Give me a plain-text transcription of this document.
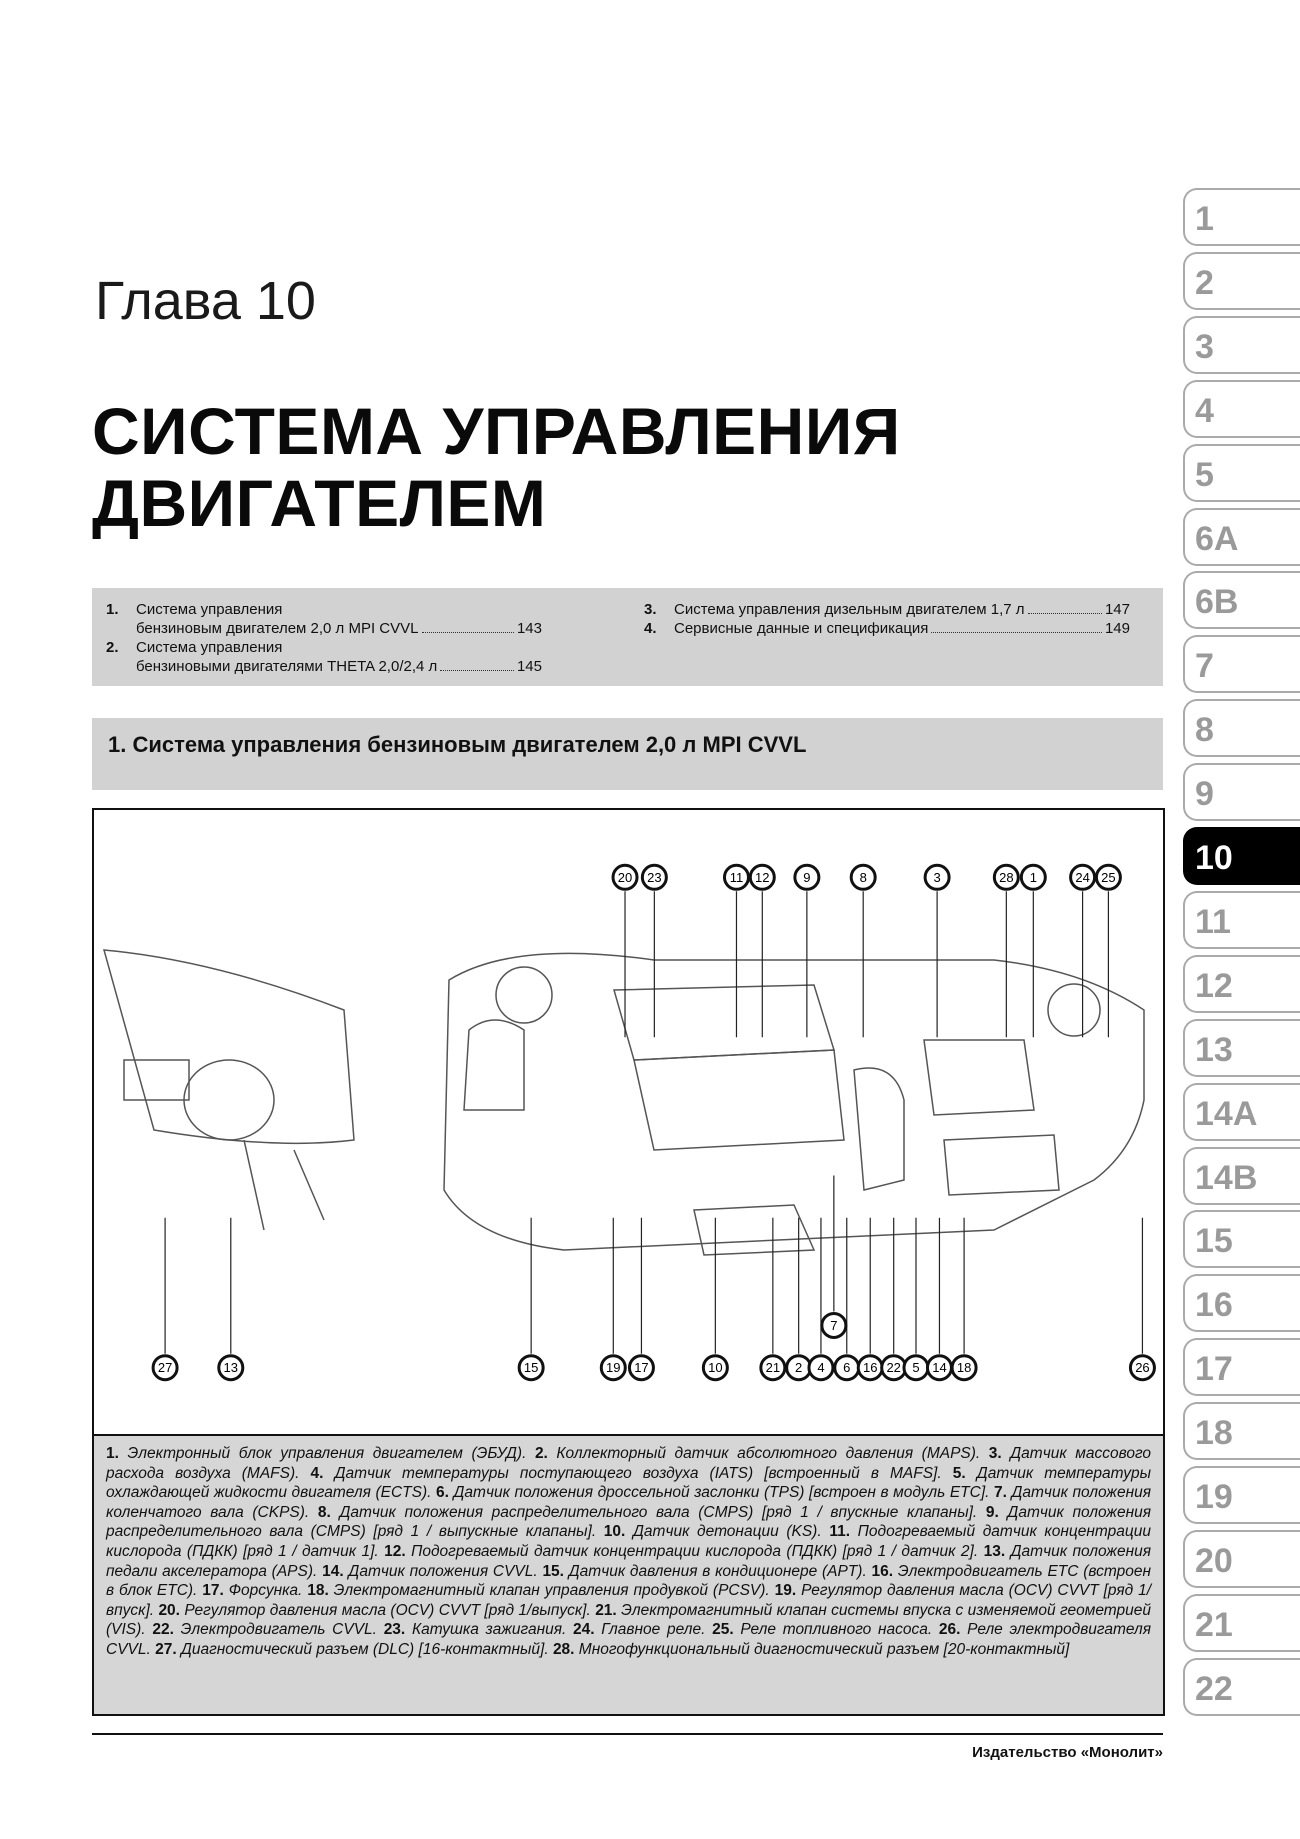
Глава 10
СИСТЕМА УПРАВЛЕНИЯ
ДВИГАТЕЛЕМ
1.	Система управления
бензиновым двигателем 2,0 л MPI CVVL	143
2.	Система управления
бензиновыми двигателями THETA 2,0/2,4 л	145
3.	Система управления дизельным двигателем 1,7 л	147
4.	Сервисные данные и спецификация	149
1. Система управления бензиновым двигателем 2,0 л MPI CVVL
20 23	11 12	9	8	3	28 1	24 25
27	13	15	19 17	10	21 2 4 6 16 22 5 14 18	26
7
1. Электронный блок управления двигателем (ЭБУД). 2. Коллекторный датчик абсолютного давления (MAPS). 3. Датчик массового расхода воздуха (MAFS). 4. Датчик температуры поступающего воздуха (IATS) [встроенный в MAFS]. 5. Датчик температуры охлаждающей жидкости двигателя (ECTS). 6. Датчик положения дроссельной заслонки (TPS) [встроен в модуль ETC]. 7. Датчик положения коленчатого вала (CKPS). 8. Датчик положения распределительного вала (CMPS) [ряд 1 / впускные клапаны]. 9. Датчик положения распределительного вала (CMPS) [ряд 1 / выпускные клапаны]. 10. Датчик детонации (KS). 11. Подогреваемый датчик концентрации кислорода (ПДКК) [ряд 1 / датчик 1]. 12. Подогреваемый датчик концентрации кислорода (ПДКК) [ряд 1 / датчик 2]. 13. Датчик положения педали акселератора (APS). 14. Датчик положения CVVL. 15. Датчик давления в кондиционере (APT). 16. Электродвигатель ETC (встроен в блок ETC). 17. Форсунка. 18. Электромагнитный клапан управления продувкой (PCSV). 19. Регулятор давления масла (OCV) CVVT [ряд 1/впуск]. 20. Регулятор давления масла (OCV) CVVT [ряд 1/выпуск]. 21. Электромагнитный клапан системы впуска с изменяемой геометрией (VIS). 22. Электродвигатель CVVL. 23. Катушка зажигания. 24. Главное реле. 25. Реле топливного насоса. 26. Реле электродвигателя CVVL. 27. Диагностический разъем (DLC) [16-контактный]. 28. Многофункциональный диагностический разъем [20-контактный]
Издательство «Монолит»
1
2
3
4
5
6A
6B
7
8
9
10
11
12
13
14A
14B
15
16
17
18
19
20
21
22
